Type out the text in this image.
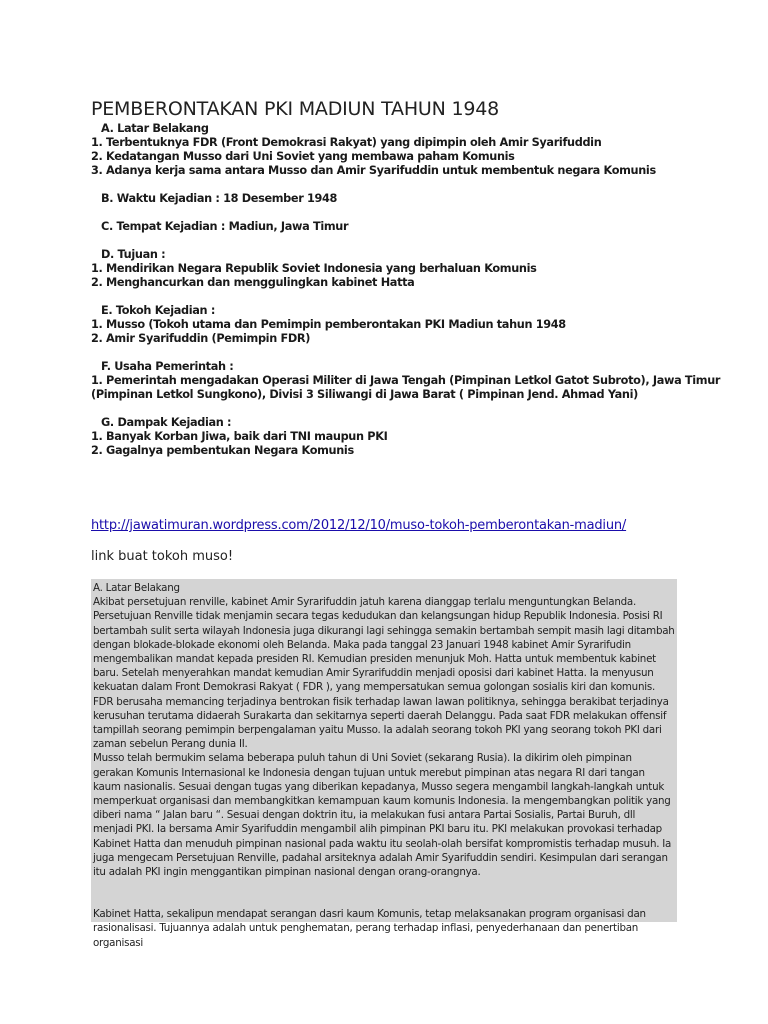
PEMBERONTAKAN PKI MADIUN TAHUN 1948
A. Latar Belakang
1. Terbentuknya FDR (Front Demokrasi Rakyat) yang dipimpin oleh Amir Syarifuddin
2. Kedatangan Musso dari Uni Soviet yang membawa paham Komunis
3. Adanya kerja sama antara Musso dan Amir Syarifuddin untuk membentuk negara Komunis
B. Waktu Kejadian : 18 Desember 1948
C. Tempat Kejadian : Madiun, Jawa Timur
D. Tujuan :
1. Mendirikan Negara Republik Soviet Indonesia yang berhaluan Komunis
2. Menghancurkan dan menggulingkan kabinet Hatta
E. Tokoh Kejadian :
1. Musso (Tokoh utama dan Pemimpin pemberontakan PKI Madiun tahun 1948
2. Amir Syarifuddin (Pemimpin FDR)
F. Usaha Pemerintah :
1. Pemerintah mengadakan Operasi Militer di Jawa Tengah (Pimpinan Letkol Gatot Subroto), Jawa Timur
(Pimpinan Letkol Sungkono), Divisi 3 Siliwangi di Jawa Barat ( Pimpinan Jend. Ahmad Yani)
G. Dampak Kejadian :
1. Banyak Korban Jiwa, baik dari TNI maupun PKI
2. Gagalnya pembentukan Negara Komunis
http://jawatimuran.wordpress.com/2012/12/10/muso-tokoh-pemberontakan-madiun/
link buat tokoh muso!

A. Latar Belakang

Akibat persetujuan renville, kabinet Amir Syrarifuddin jatuh karena dianggap terlalu menguntungkan Belanda. Persetujuan Renville tidak menjamin secara tegas kedudukan dan kelangsungan hidup Republik Indonesia. Posisi RI bertambah sulit serta wilayah Indonesia juga dikurangi lagi sehingga semakin bertambah sempit masih lagi ditambah dengan blokade-blokade ekonomi oleh Belanda. Maka pada tanggal 23 Januari 1948 kabinet Amir Syrarifudin mengembalikan mandat kepada presiden RI. Kemudian presiden menunjuk Moh. Hatta untuk membentuk kabinet baru. Setelah menyerahkan mandat kemudian Amir Syrarifuddin menjadi oposisi dari kabinet Hatta. Ia menyusun kekuatan dalam Front Demokrasi Rakyat ( FDR ), yang mempersatukan semua golongan sosialis kiri dan komunis. FDR berusaha memancing terjadinya bentrokan fisik terhadap lawan lawan politiknya, sehingga berakibat terjadinya kerusuhan terutama didaerah Surakarta dan sekitarnya seperti daerah Delanggu. Pada saat FDR melakukan offensif tampillah seorang pemimpin berpengalaman yaitu Musso. Ia adalah seorang tokoh PKI yang seorang tokoh PKI dari zaman sebelun Perang dunia II.

Musso telah bermukim selama beberapa puluh tahun di Uni Soviet (sekarang Rusia). Ia dikirim oleh pimpinan gerakan Komunis Internasional ke Indonesia dengan tujuan untuk merebut pimpinan atas negara RI dari tangan kaum nasionalis. Sesuai dengan tugas yang diberikan kepadanya, Musso segera mengambil langkah-langkah untuk memperkuat organisasi dan membangkitkan kemampuan kaum komunis Indonesia. Ia mengembangkan politik yang diberi nama “ Jalan baru “. Sesuai dengan doktrin itu, ia melakukan fusi antara Partai Sosialis, Partai Buruh, dll menjadi PKI. Ia bersama Amir Syarifuddin mengambil alih pimpinan PKI baru itu. PKI melakukan provokasi terhadap Kabinet Hatta dan menuduh pimpinan nasional pada waktu itu seolah-olah bersifat kompromistis terhadap musuh. Ia juga mengecam Persetujuan Renville, padahal arsiteknya adalah Amir Syarifuddin sendiri. Kesimpulan dari serangan itu adalah PKI ingin menggantikan pimpinan nasional dengan orang-orangnya.

Kabinet Hatta, sekalipun mendapat serangan dasri kaum Komunis, tetap melaksanakan program organisasi dan rasionalisasi. Tujuannya adalah untuk penghematan, perang terhadap inflasi, penyederhanaan dan penertiban organisasi
